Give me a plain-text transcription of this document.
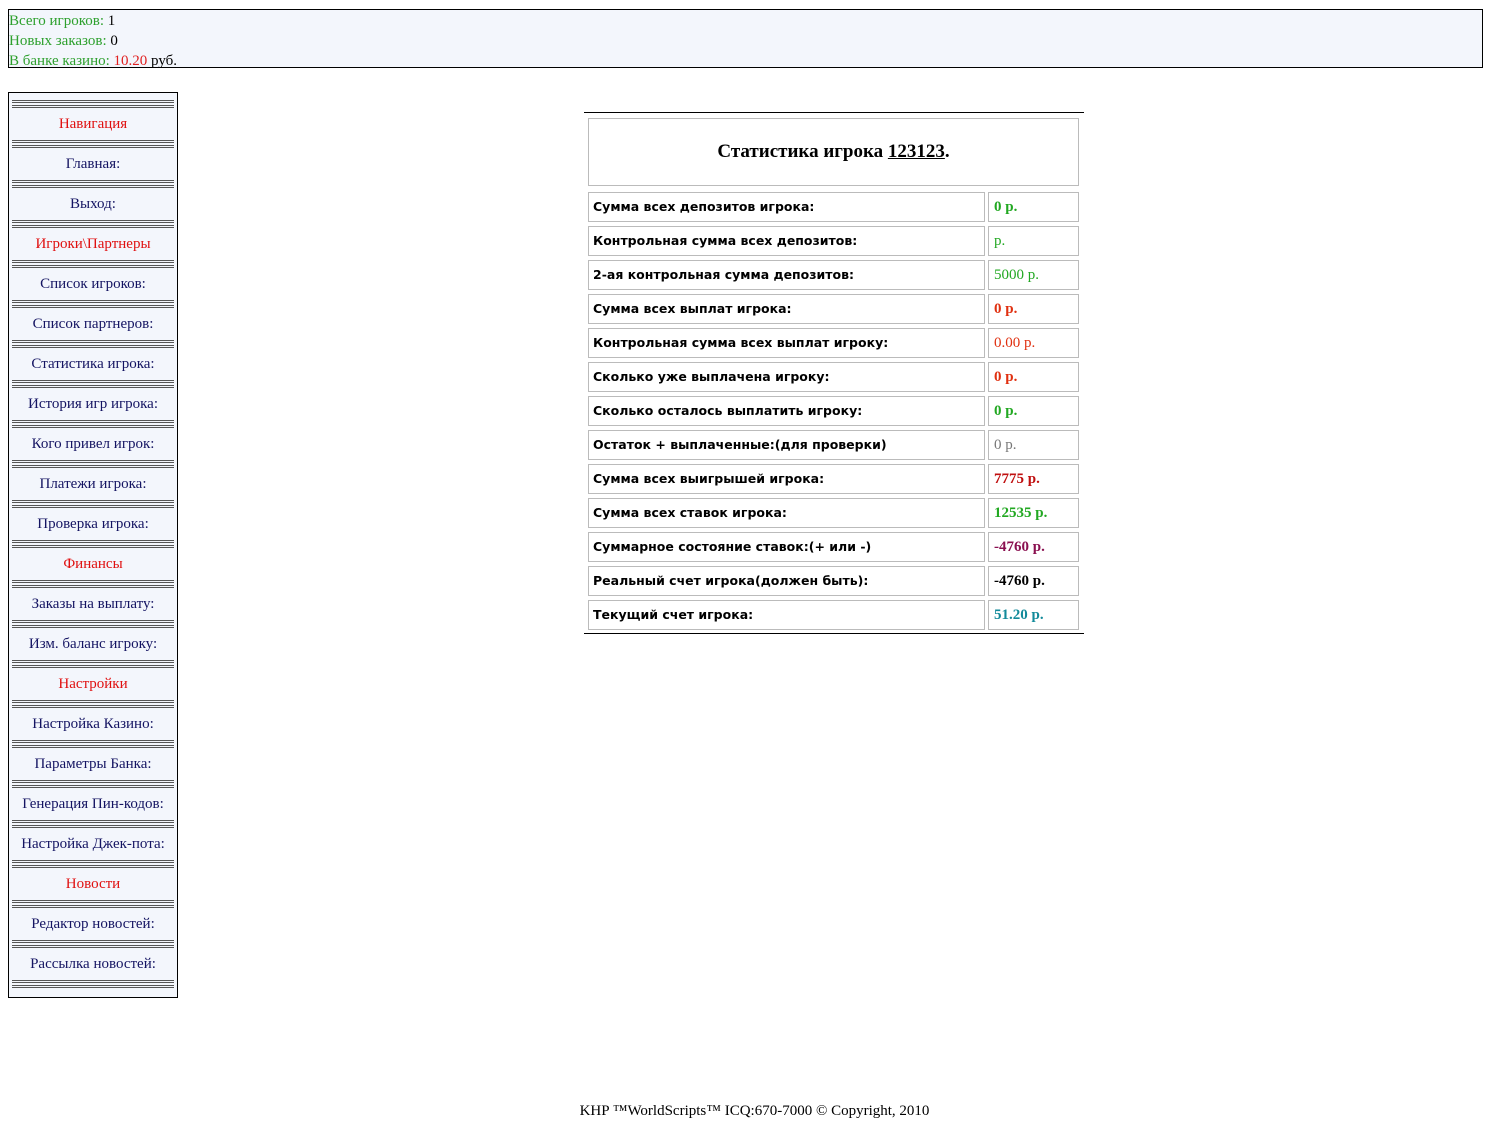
Всего игроков: 1
Новых заказов: 0
В банке казино: 10.20 руб.
Навигация
Главная:
Выход:
Игроки\Партнеры
Список игроков:
Список партнеров:
Статистика игрока:
История игр игрока:
Кого привел игрок:
Платежи игрока:
Проверка игрока:
Финансы
Заказы на выплату:
Изм. баланс игроку:
Настройки
Настройка Казино:
Параметры Банка:
Генерация Пин-кодов:
Настройка Джек-пота:
Новости
Редактор новостей:
Рассылка новостей:
Статистика игрока 123123.
Сумма всех депозитов игрока:	0 р.
Контрольная сумма всех депозитов:	р.
2-ая контрольная сумма депозитов:	5000 р.
Сумма всех выплат игрока:	0 р.
Контрольная сумма всех выплат игроку:	0.00 р.
Сколько уже выплачена игроку:	0 р.
Сколько осталось выплатить игроку:	0 р.
Остаток + выплаченные:(для проверки)	0 р.
Сумма всех выигрышей игрока:	7775 р.
Сумма всех ставок игрока:	12535 р.
Суммарное состояние ставок:(+ или -)	-4760 р.
Реальный счет игрока(должен быть):	-4760 р.
Текущий счет игрока:	51.20 р.
KHP ™WorldScripts™ ICQ:670-7000 © Copyright, 2010
